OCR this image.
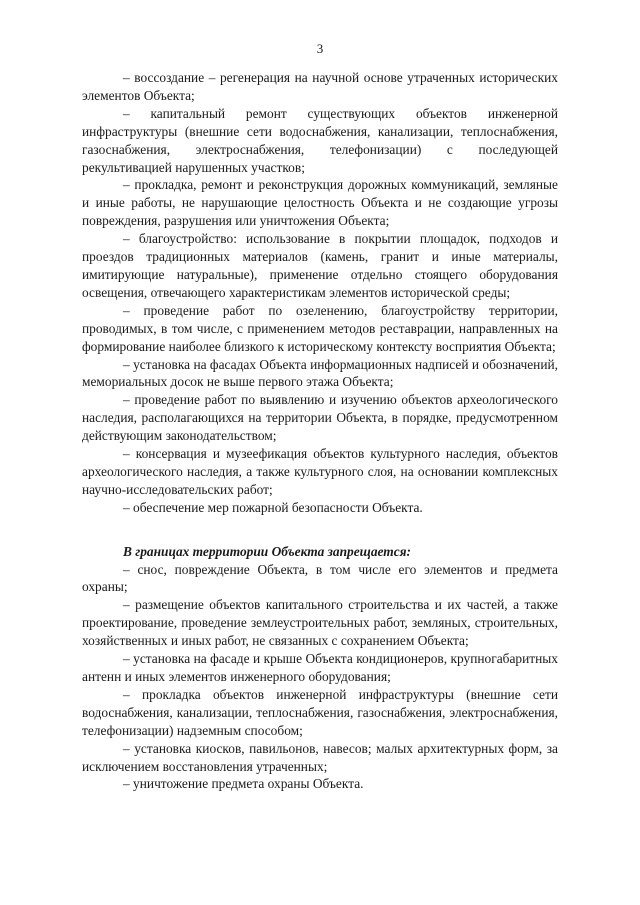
3

– воссоздание – регенерация на научной основе утраченных исторических элементов Объекта;

– капитальный ремонт существующих объектов инженерной инфраструктуры (внешние сети водоснабжения, канализации, теплоснабжения, газоснабжения, электроснабжения, телефонизации) с последующей рекультивацией нарушенных участков;

– прокладка, ремонт и реконструкция дорожных коммуникаций, земляные и иные работы, не нарушающие целостность Объекта и не создающие угрозы повреждения, разрушения или уничтожения Объекта;

– благоустройство: использование в покрытии площадок, подходов и проездов традиционных материалов (камень, гранит и иные материалы, имитирующие натуральные), применение отдельно стоящего оборудования освещения, отвечающего характеристикам элементов исторической среды;

– проведение работ по озеленению, благоустройству территории, проводимых, в том числе, с применением методов реставрации, направленных на формирование наиболее близкого к историческому контексту восприятия Объекта;

– установка на фасадах Объекта информационных надписей и обозначений, мемориальных досок не выше первого этажа Объекта;

– проведение работ по выявлению и изучению объектов археологического наследия, располагающихся на территории Объекта, в порядке, предусмотренном действующим законодательством;

– консервация и музеефикация объектов культурного наследия, объектов археологического наследия, а также культурного слоя, на основании комплексных научно-исследовательских работ;

– обеспечение мер пожарной безопасности Объекта.

В границах территории Объекта запрещается:

– снос, повреждение Объекта, в том числе его элементов и предмета охраны;

– размещение объектов капитального строительства и их частей, а также проектирование, проведение землеустроительных работ, земляных, строительных, хозяйственных и иных работ, не связанных с сохранением Объекта;

– установка на фасаде и крыше Объекта кондиционеров, крупногабаритных антенн и иных элементов инженерного оборудования;

– прокладка объектов инженерной инфраструктуры (внешние сети водоснабжения, канализации, теплоснабжения, газоснабжения, электроснабжения, телефонизации) надземным способом;

– установка киосков, павильонов, навесов; малых архитектурных форм, за исключением восстановления утраченных;

– уничтожение предмета охраны Объекта.
